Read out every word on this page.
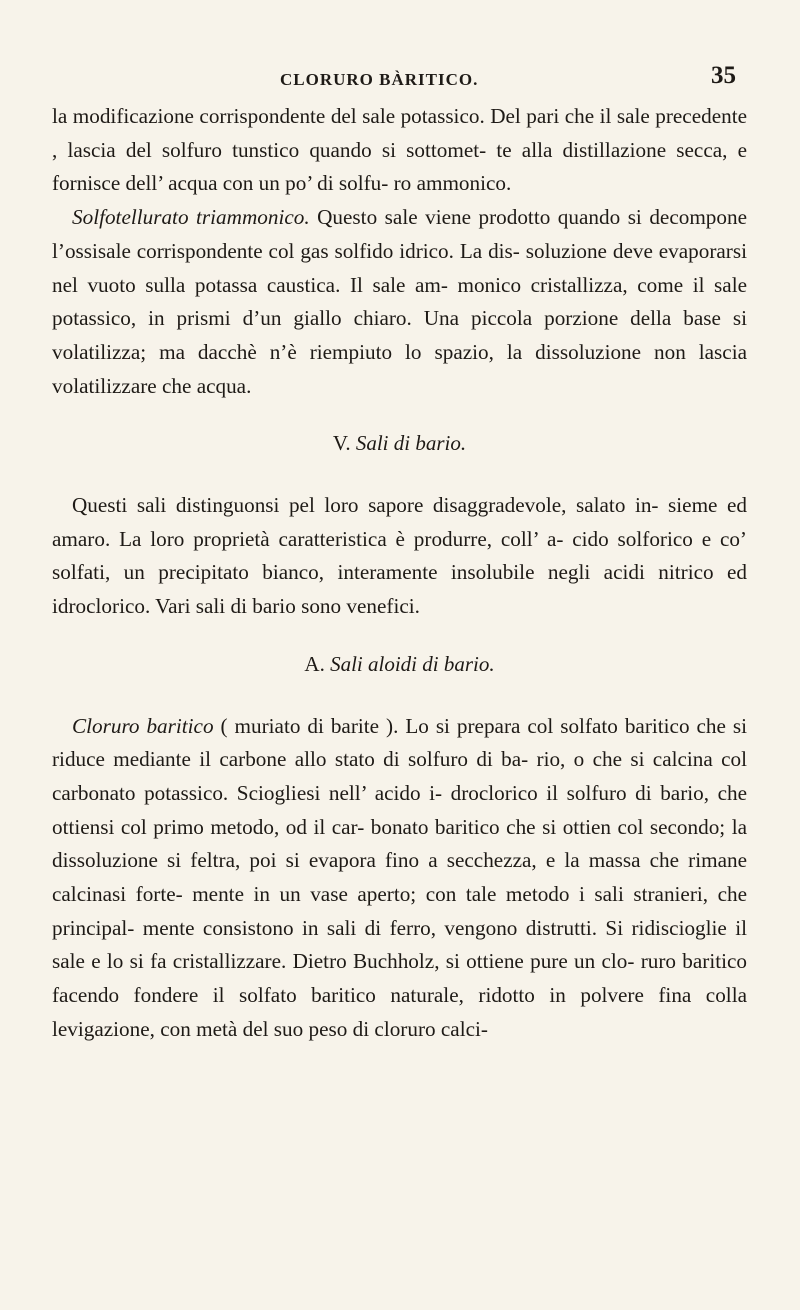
CLORURO BÀRITICO.	35

la modificazione corrispondente del sale potassico. Del pari che il sale precedente , lascia del solfuro tunstico quando si sottomet- te alla distillazione secca, e fornisce dell’ acqua con un po’ di solfu- ro ammonico.

Solfotellurato triammonico. Questo sale viene prodotto quando si decompone l’ossisale corrispondente col gas solfido idrico. La dis- soluzione deve evaporarsi nel vuoto sulla potassa caustica. Il sale am- monico cristallizza, come il sale potassico, in prismi d’un giallo chiaro. Una piccola porzione della base si volatilizza; ma dacchè n’è riempiuto lo spazio, la dissoluzione non lascia volatilizzare che acqua.

V. Sali di bario.

Questi sali distinguonsi pel loro sapore disaggradevole, salato in- sieme ed amaro. La loro proprietà caratteristica è produrre, coll’ a- cido solforico e co’ solfati, un precipitato bianco, interamente insolubile negli acidi nitrico ed idroclorico. Vari sali di bario sono venefici.

A. Sali aloidi di bario.

Cloruro baritico ( muriato di barite ). Lo si prepara col solfato baritico che si riduce mediante il carbone allo stato di solfuro di ba- rio, o che si calcina col carbonato potassico. Sciogliesi nell’ acido i- droclorico il solfuro di bario, che ottiensi col primo metodo, od il car- bonato baritico che si ottien col secondo; la dissoluzione si feltra, poi si evapora fino a secchezza, e la massa che rimane calcinasi forte- mente in un vase aperto; con tale metodo i sali stranieri, che principal- mente consistono in sali di ferro, vengono distrutti. Si ridiscioglie il sale e lo si fa cristallizzare. Dietro Buchholz, si ottiene pure un clo- ruro baritico facendo fondere il solfato baritico naturale, ridotto in polvere fina colla levigazione, con metà del suo peso di cloruro calci-
